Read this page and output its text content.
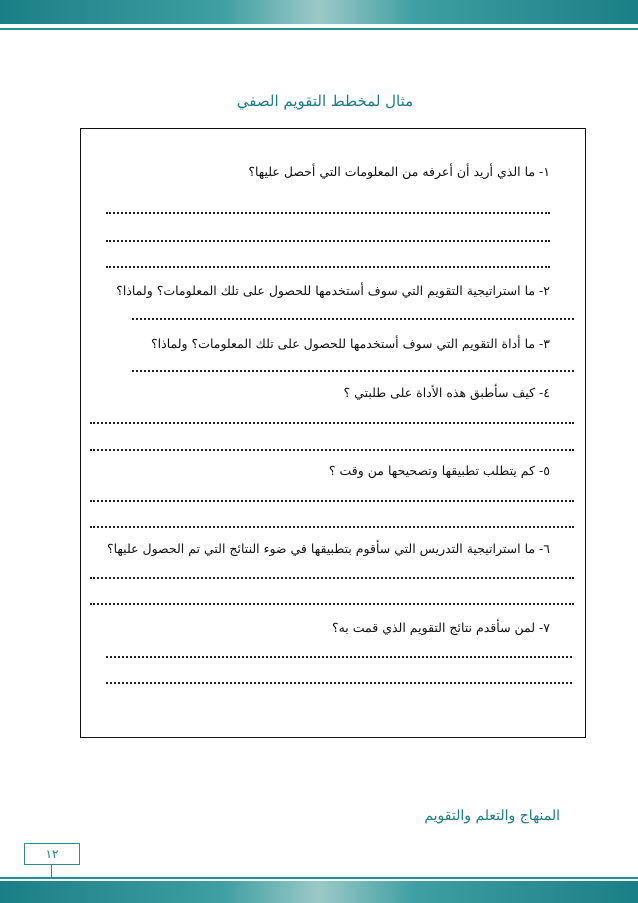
مثال لمخطط التقويم الصفي
١- ما الذي أريد أن أعرفه من المعلومات التي أحصل عليها؟
٢- ما استراتيجية التقويم التي سوف أستخدمها للحصول على تلك المعلومات؟ ولماذا؟
٣- ما أداة التقويم التي سوف أستخدمها للحصول على تلك المعلومات؟ ولماذا؟
٤- كيف سأطبق هذه الأداة على طلبتي ؟
٥- كم يتطلب تطبيقها وتصحيحها من وقت ؟
٦- ما استراتيجية التدريس التي سأقوم بتطبيقها في ضوء النتائج التي تم الحصول عليها؟
٧- لمن سأقدم نتائج التقويم الذي قمت به؟
المنهاج والتعلم والتقويم
١٢
